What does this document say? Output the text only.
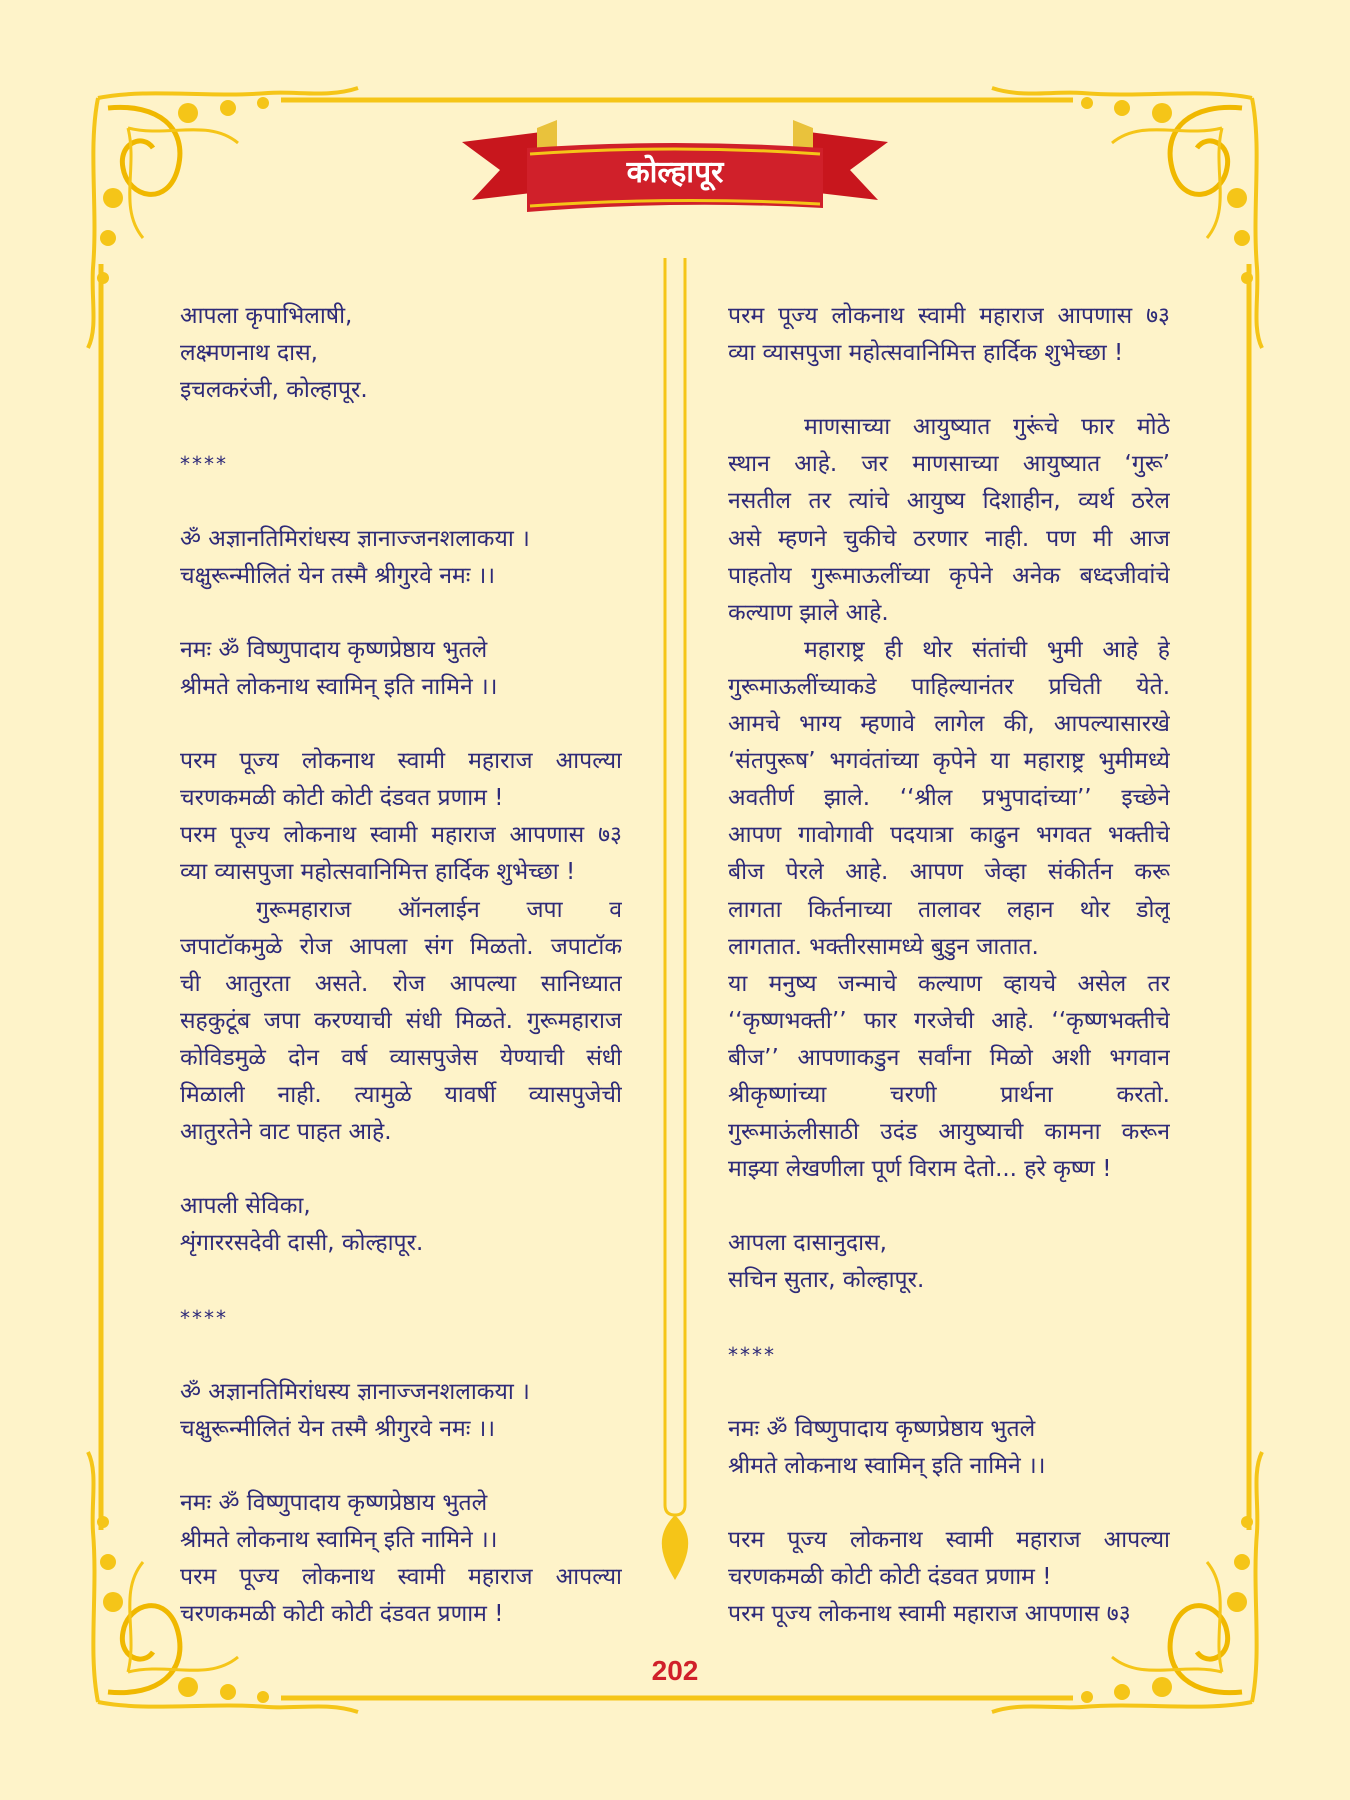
कोल्हापूर
आपला कृपाभिलाषी,
लक्ष्मणनाथ दास,
इचलकरंजी, कोल्हापूर.
****
ॐ अज्ञानतिमिरांधस्य ज्ञानाज्जनशलाकया ।
चक्षुरून्मीलितं येन तस्मै श्रीगुरवे नमः ।।
नमः ॐ विष्णुपादाय कृष्णप्रेष्ठाय भुतले
श्रीमते लोकनाथ स्वामिन् इति नामिने ।।
परम पूज्य लोकनाथ स्वामी महाराज आपल्या
चरणकमळी कोटी कोटी दंडवत प्रणाम !
परम पूज्य लोकनाथ स्वामी महाराज आपणास ७३
व्या व्यासपुजा महोत्सवानिमित्त हार्दिक शुभेच्छा !
गुरूमहाराज ऑनलाईन जपा व
जपाटॉकमुळे रोज आपला संग मिळतो. जपाटॉक
ची आतुरता असते. रोज आपल्या सानिध्यात
सहकुटूंब जपा करण्याची संधी मिळते. गुरूमहाराज
कोविडमुळे दोन वर्ष व्यासपुजेस येण्याची संधी
मिळाली नाही. त्यामुळे यावर्षी व्यासपुजेची
आतुरतेने वाट पाहत आहे.
आपली सेविका,
शृंगाररसदेवी दासी, कोल्हापूर.
****
ॐ अज्ञानतिमिरांधस्य ज्ञानाज्जनशलाकया ।
चक्षुरून्मीलितं येन तस्मै श्रीगुरवे नमः ।।
नमः ॐ विष्णुपादाय कृष्णप्रेष्ठाय भुतले
श्रीमते लोकनाथ स्वामिन् इति नामिने ।।
परम पूज्य लोकनाथ स्वामी महाराज आपल्या
चरणकमळी कोटी कोटी दंडवत प्रणाम !
परम पूज्य लोकनाथ स्वामी महाराज आपणास ७३
व्या व्यासपुजा महोत्सवानिमित्त हार्दिक शुभेच्छा !
माणसाच्या आयुष्यात गुरूंचे फार मोठे
स्थान आहे. जर माणसाच्या आयुष्यात ‘गुरू’
नसतील तर त्यांचे आयुष्य दिशाहीन, व्यर्थ ठरेल
असे म्हणने चुकीचे ठरणार नाही. पण मी आज
पाहतोय गुरूमाऊलींच्या कृपेने अनेक बध्दजीवांचे
कल्याण झाले आहे.
महाराष्ट्र ही थोर संतांची भुमी आहे हे
गुरूमाऊलींच्याकडे पाहिल्यानंतर प्रचिती येते.
आमचे भाग्य म्हणावे लागेल की, आपल्यासारखे
‘संतपुरूष’ भगवंतांच्या कृपेने या महाराष्ट्र भुमीमध्ये
अवतीर्ण झाले. ‘‘श्रील प्रभुपादांच्या’’ इच्छेने
आपण गावोगावी पदयात्रा काढुन भगवत भक्तीचे
बीज पेरले आहे. आपण जेव्हा संकीर्तन करू
लागता किर्तनाच्या तालावर लहान थोर डोलू
लागतात. भक्तीरसामध्ये बुडुन जातात.
या मनुष्य जन्माचे कल्याण व्हायचे असेल तर
‘‘कृष्णभक्ती’’ फार गरजेची आहे. ‘‘कृष्णभक्तीचे
बीज’’ आपणाकडुन सर्वांना मिळो अशी भगवान
श्रीकृष्णांच्या चरणी प्रार्थना करतो.
गुरूमाऊंलीसाठी उदंड आयुष्याची कामना करून
माझ्या लेखणीला पूर्ण विराम देतो... हरे कृष्ण !
आपला दासानुदास,
सचिन सुतार, कोल्हापूर.
****
नमः ॐ विष्णुपादाय कृष्णप्रेष्ठाय भुतले
श्रीमते लोकनाथ स्वामिन् इति नामिने ।।
परम पूज्य लोकनाथ स्वामी महाराज आपल्या
चरणकमळी कोटी कोटी दंडवत प्रणाम !
परम पूज्य लोकनाथ स्वामी महाराज आपणास ७३
202
